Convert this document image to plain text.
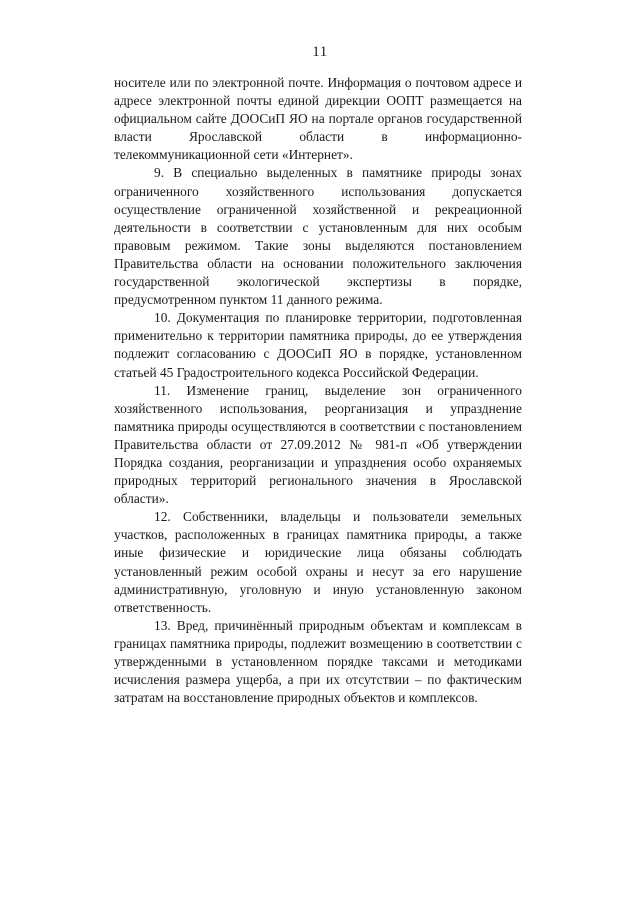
11

носителе или по электронной почте. Информация о почтовом адресе и адресе электронной почты единой дирекции ООПТ размещается на официальном сайте ДООСиП ЯО на портале органов государственной власти Ярославской области в информационно-телекоммуникационной сети «Интернет».

9. В специально выделенных в памятнике природы зонах ограниченного хозяйственного использования допускается осуществление ограниченной хозяйственной и рекреационной деятельности в соответствии с установленным для них особым правовым режимом. Такие зоны выделяются постановлением Правительства области на основании положительного заключения государственной экологической экспертизы в порядке, предусмотренном пунктом 11 данного режима.

10. Документация по планировке территории, подготовленная применительно к территории памятника природы, до ее утверждения подлежит согласованию с ДООСиП ЯО в порядке, установленном статьей 45 Градостроительного кодекса Российской Федерации.

11. Изменение границ, выделение зон ограниченного хозяйственного использования, реорганизация и упразднение памятника природы осуществляются в соответствии с постановлением Правительства области от 27.09.2012 № 981-п «Об утверждении Порядка создания, реорганизации и упразднения особо охраняемых природных территорий регионального значения в Ярославской области».

12. Собственники, владельцы и пользователи земельных участков, расположенных в границах памятника природы, а также иные физические и юридические лица обязаны соблюдать установленный режим особой охраны и несут за его нарушение административную, уголовную и иную установленную законом ответственность.

13. Вред, причинённый природным объектам и комплексам в границах памятника природы, подлежит возмещению в соответствии с утвержденными в установленном порядке таксами и методиками исчисления размера ущерба, а при их отсутствии – по фактическим затратам на восстановление природных объектов и комплексов.
